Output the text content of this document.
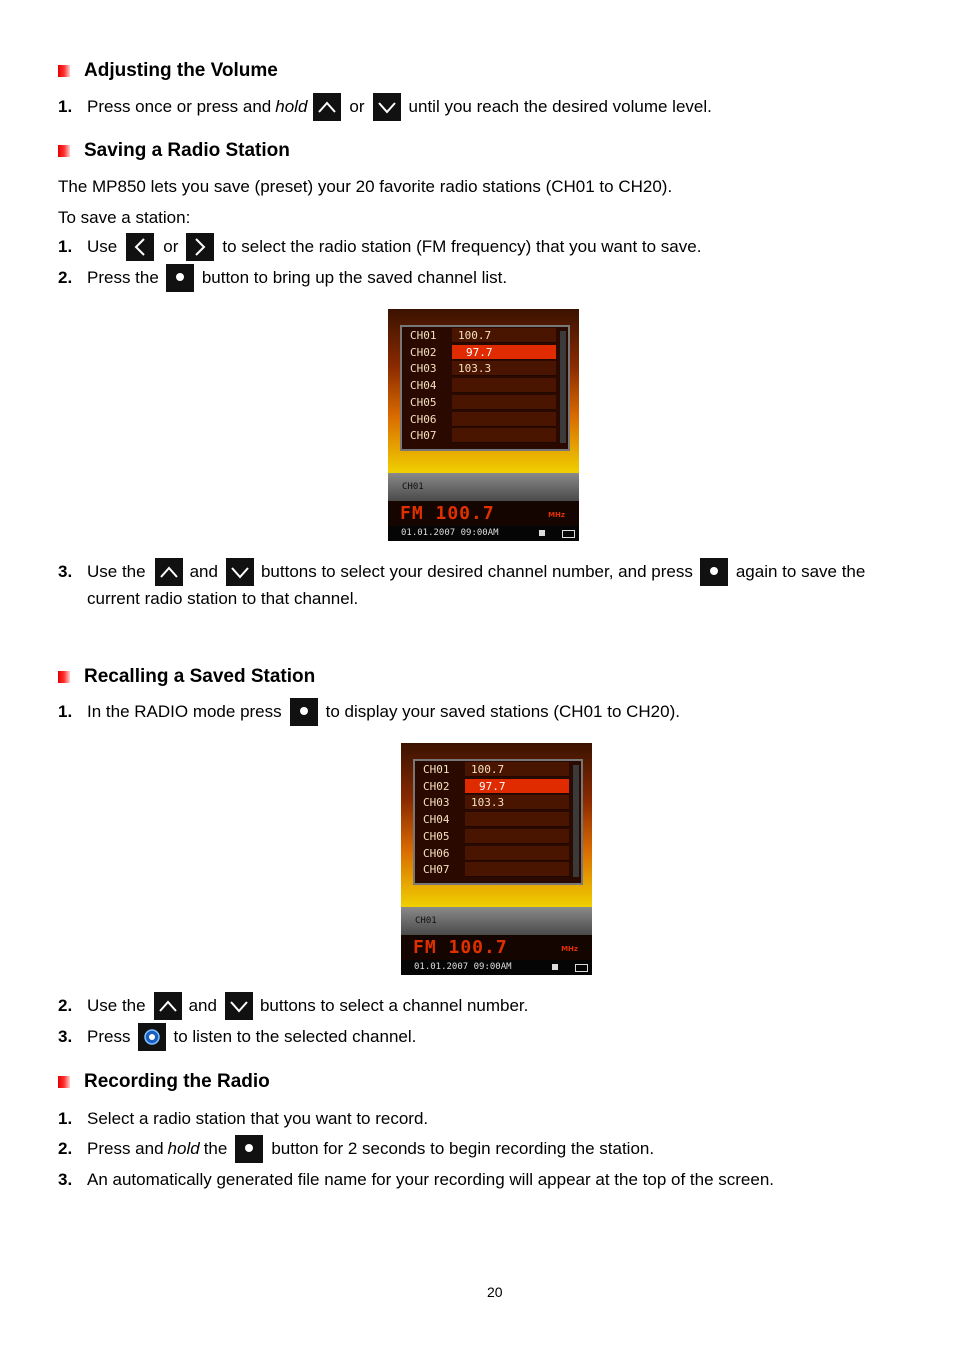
Adjusting the Volume
1. Press once or press and hold or	until you reach the desired volume level.
Saving a Radio Station
The MP850 lets you save (preset) your 20 favorite radio stations (CH01 to CH20).
To save a station:
1. Use	or	to select the radio station (FM frequency) that you want to save.
2. Press the	button to bring up the saved channel list.
CH01	100.7
CH02	97.7
CH03	103.3
CH04
CH05
CH06
CH07
CH01
FM 100.7	MHz
01.01.2007 09:00AM
3. Use the	and	buttons to select your desired channel number, and press	again to save the
current radio station to that channel.
Recalling a Saved Station
1. In the RADIO mode press	to display your saved stations (CH01 to CH20).
CH01	100.7
CH02	97.7
CH03	103.3
CH04
CH05
CH06
CH07
CH01
FM 100.7	MHz
01.01.2007 09:00AM
2. Use the	and	buttons to select a channel number.
3. Press	to listen to the selected channel.
Recording the Radio
1. Select a radio station that you want to record.
2. Press and hold the	button for 2 seconds to begin recording the station.
3. An automatically generated file name for your recording will appear at the top of the screen.
20
